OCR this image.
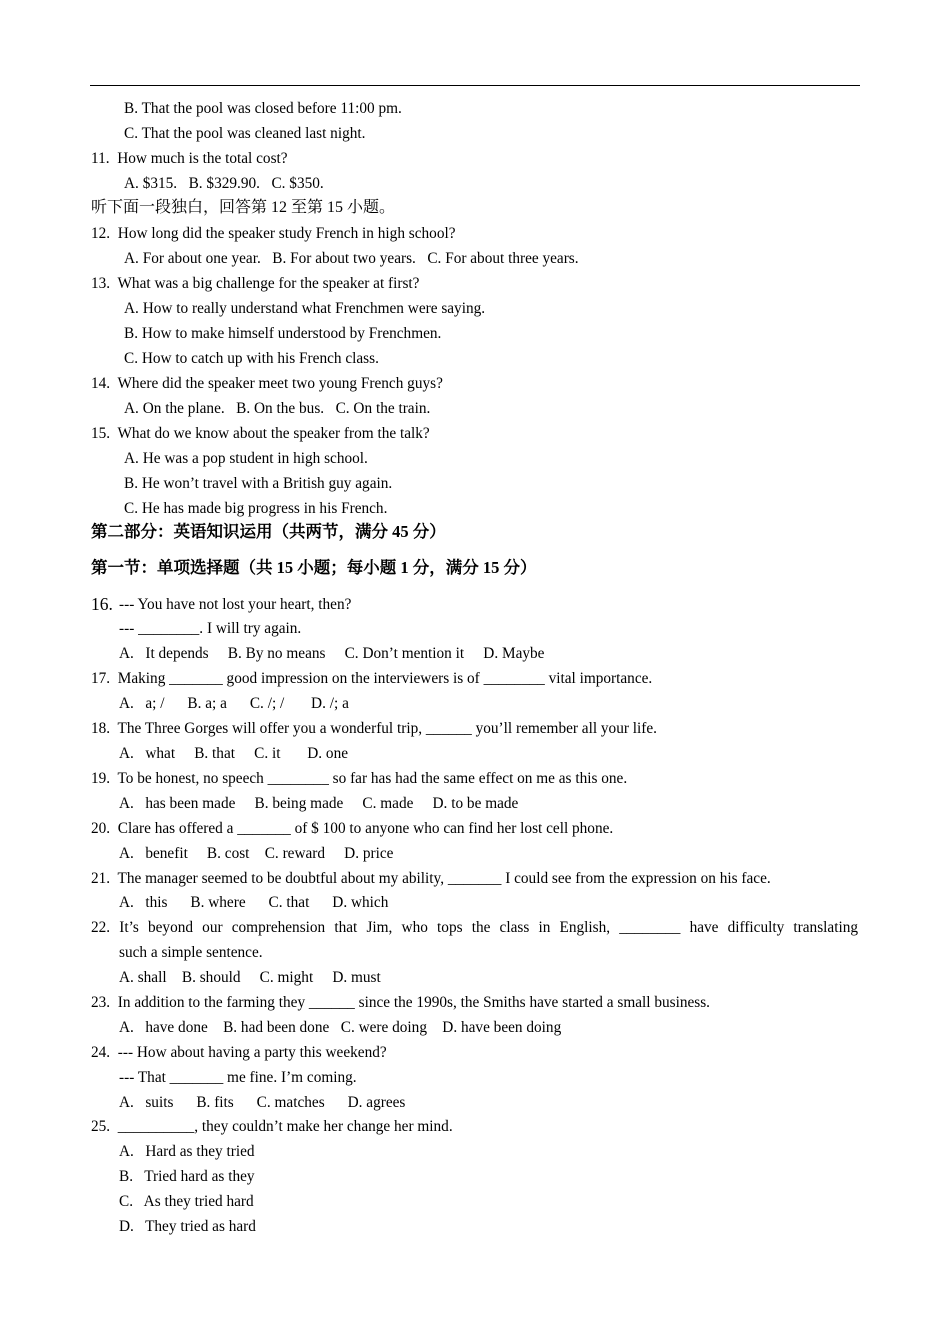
B. That the pool was closed before 11:00 pm.
C. That the pool was cleaned last night.
11.  How much is the total cost?
A. $315.   B. $329.90.   C. $350.
听下面一段独白，回答第 12 至第 15 小题。
12.  How long did the speaker study French in high school?
A. For about one year.   B. For about two years.   C. For about three years.
13.  What was a big challenge for the speaker at first?
A. How to really understand what Frenchmen were saying.
B. How to make himself understood by Frenchmen.
C. How to catch up with his French class.
14.  Where did the speaker meet two young French guys?
A. On the plane.   B. On the bus.   C. On the train.
15.  What do we know about the speaker from the talk?
A. He was a pop student in high school.
B. He won’t travel with a British guy again.
C. He has made big progress in his French.
第二部分：英语知识运用（共两节，满分 45 分）
第一节：单项选择题（共 15 小题；每小题 1 分，满分 15 分）
16. --- You have not lost your heart, then?
--- ________. I will try again.
A.   It depends     B. By no means     C. Don’t mention it     D. Maybe
17.  Making _______ good impression on the interviewers is of ________ vital importance.
A.   a; /      B. a; a      C. /; /       D. /; a
18.  The Three Gorges will offer you a wonderful trip, ______ you’ll remember all your life.
A.   what     B. that     C. it       D. one
19.  To be honest, no speech ________ so far has had the same effect on me as this one.
A.   has been made     B. being made     C. made     D. to be made
20.  Clare has offered a _______ of $ 100 to anyone who can find her lost cell phone.
A.   benefit     B. cost    C. reward     D. price
21.  The manager seemed to be doubtful about my ability, _______ I could see from the expression on his face.
A.   this      B. where      C. that      D. which
22. It’s beyond our comprehension that Jim, who tops the class in English, ________ have difficulty translating
such a simple sentence.
A. shall    B. should     C. might     D. must
23.  In addition to the farming they ______ since the 1990s, the Smiths have started a small business.
A.   have done    B. had been done   C. were doing    D. have been doing
24.  --- How about having a party this weekend?
--- That _______ me fine. I’m coming.
A.   suits      B. fits      C. matches      D. agrees
25.  __________, they couldn’t make her change her mind.
A.   Hard as they tried
B.   Tried hard as they
C.   As they tried hard
D.   They tried as hard
